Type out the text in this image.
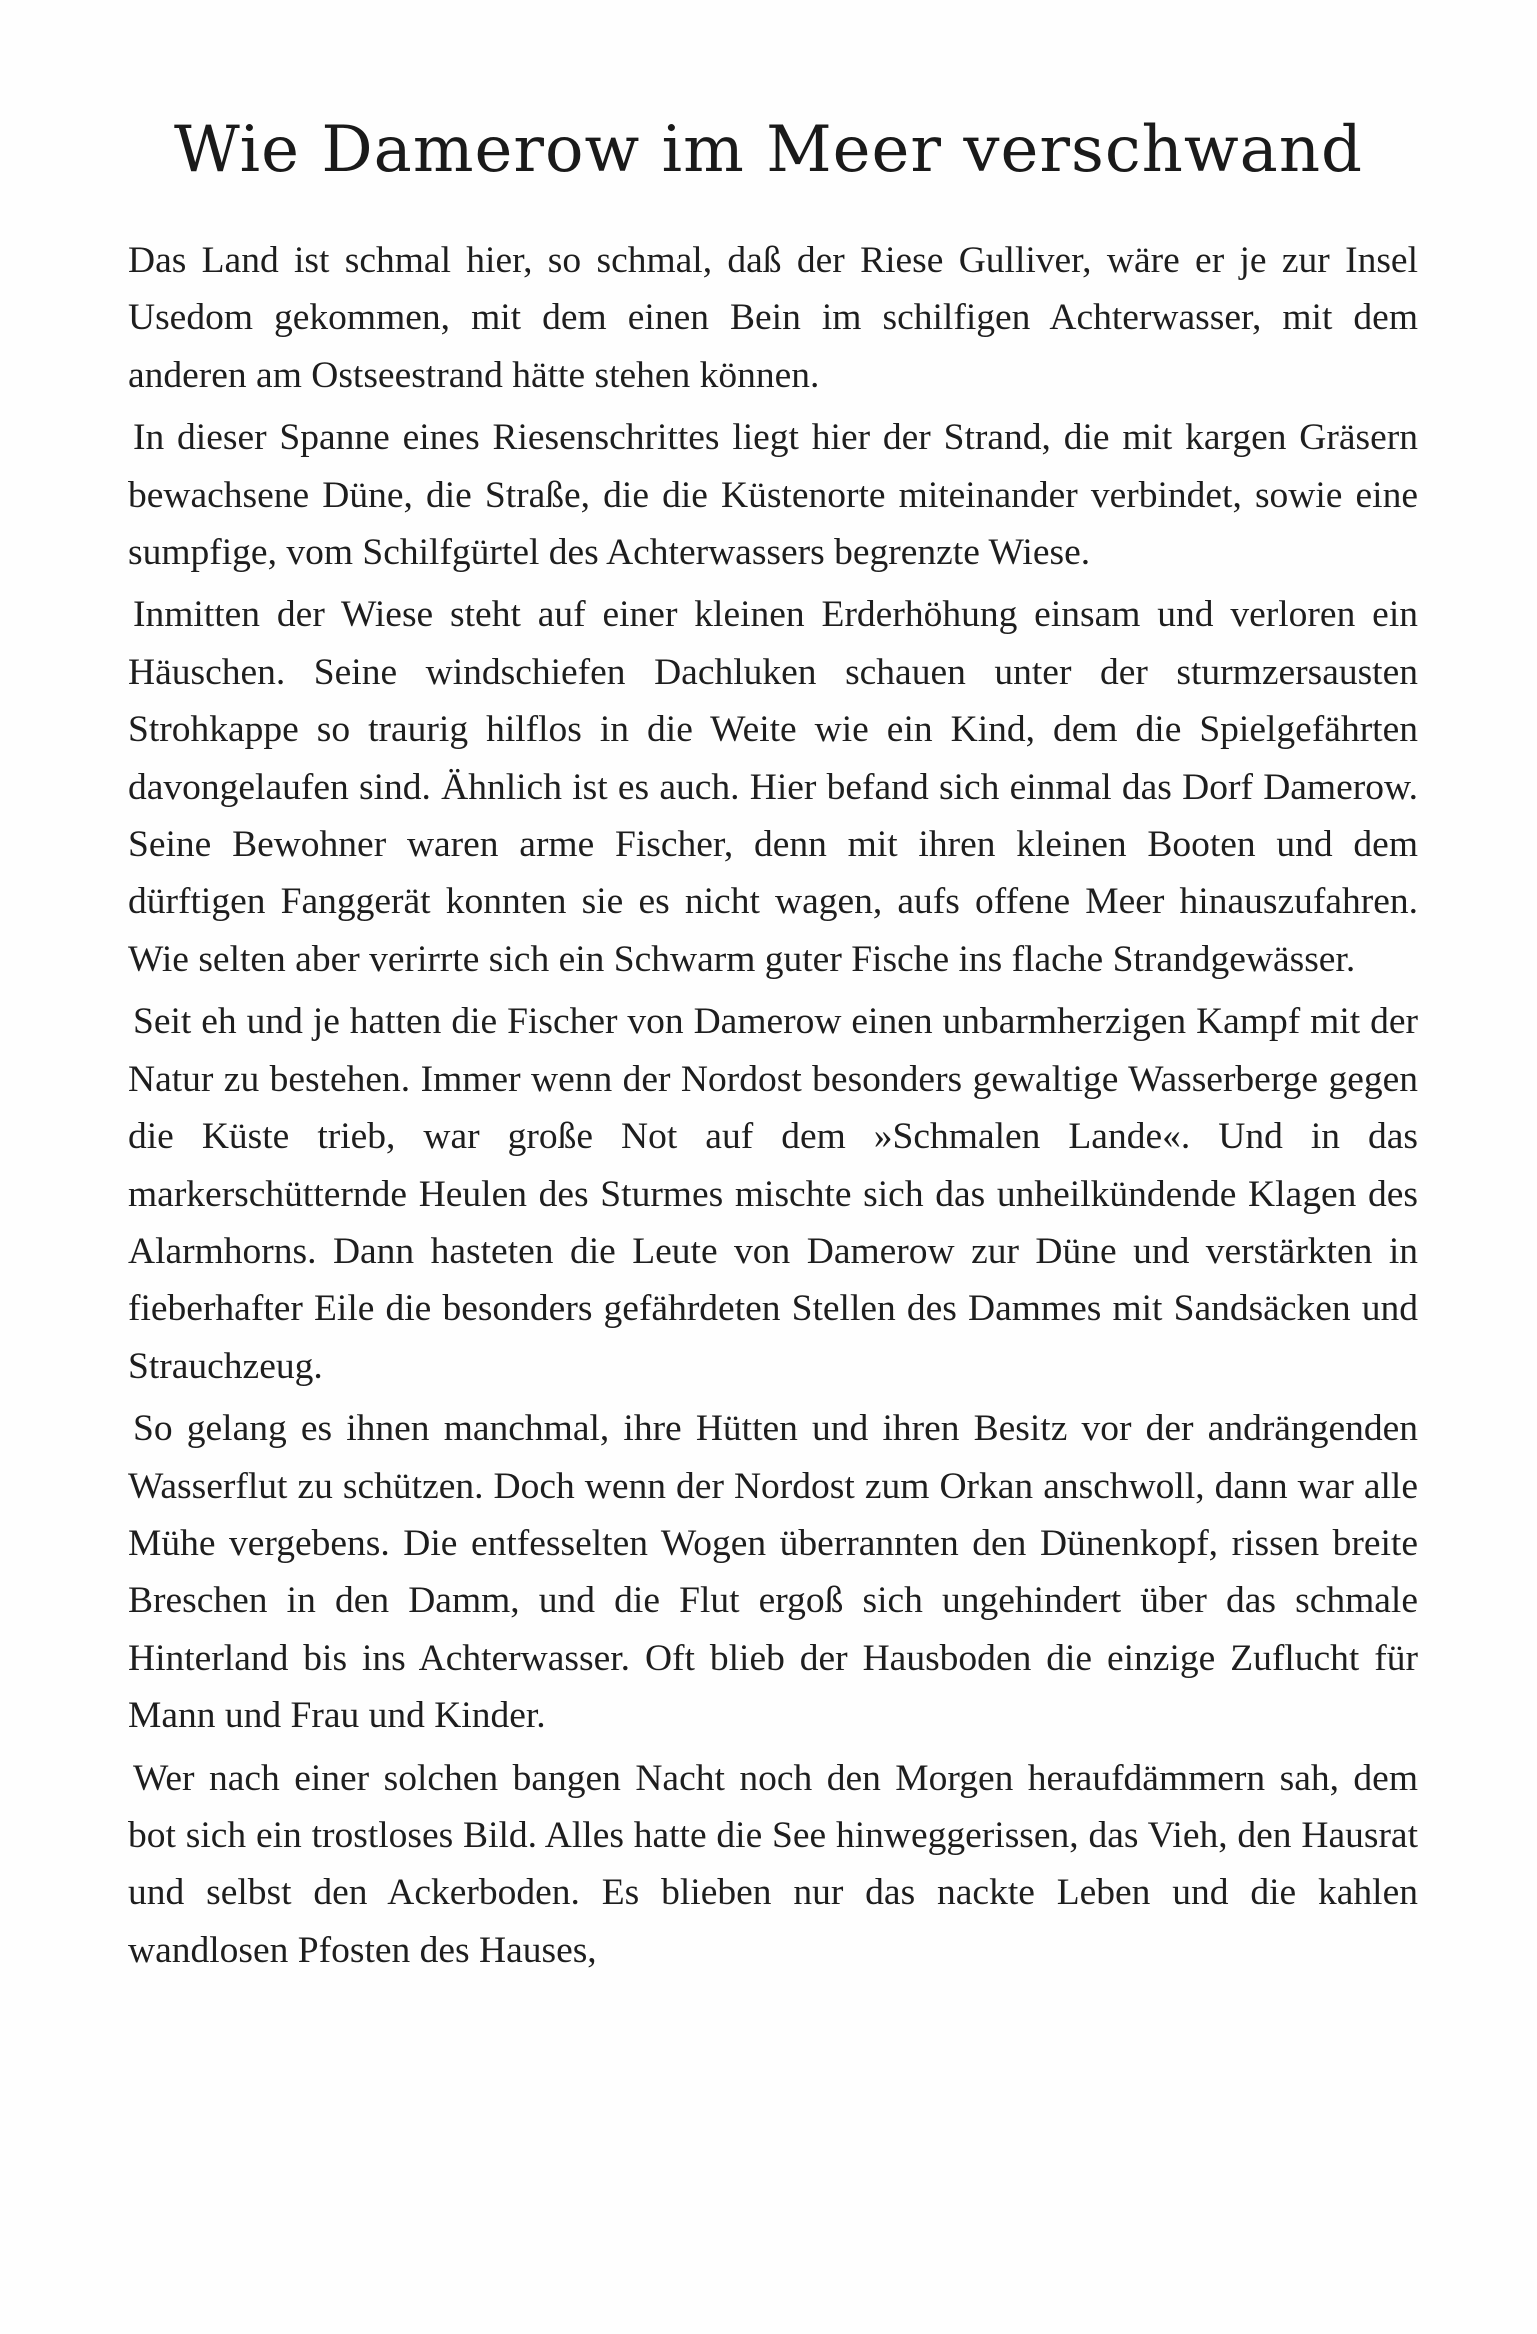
Wie Damerow im Meer verschwand

Das Land ist schmal hier, so schmal, daß der Riese Gulliver, wäre er je zur Insel Usedom gekommen, mit dem einen Bein im schilfigen Achterwasser, mit dem anderen am Ostseestrand hätte stehen können.

In dieser Spanne eines Riesenschrittes liegt hier der Strand, die mit kargen Gräsern bewachsene Düne, die Straße, die die Küstenorte miteinander verbindet, sowie eine sumpfige, vom Schilfgürtel des Achterwassers begrenzte Wiese.

Inmitten der Wiese steht auf einer kleinen Erderhöhung einsam und verloren ein Häuschen. Seine windschiefen Dachluken schauen unter der sturmzersausten Strohkappe so traurig hilflos in die Weite wie ein Kind, dem die Spielgefährten davongelaufen sind. Ähnlich ist es auch. Hier befand sich einmal das Dorf Damerow. Seine Bewohner waren arme Fischer, denn mit ihren kleinen Booten und dem dürftigen Fanggerät konnten sie es nicht wagen, aufs offene Meer hinauszufahren. Wie selten aber verirrte sich ein Schwarm guter Fische ins flache Strandgewässer.

Seit eh und je hatten die Fischer von Damerow einen unbarmherzigen Kampf mit der Natur zu bestehen. Immer wenn der Nordost besonders gewaltige Wasserberge gegen die Küste trieb, war große Not auf dem »Schmalen Lande«. Und in das markerschütternde Heulen des Sturmes mischte sich das unheilkündende Klagen des Alarmhorns. Dann hasteten die Leute von Damerow zur Düne und verstärkten in fieberhafter Eile die besonders gefährdeten Stellen des Dammes mit Sandsäcken und Strauchzeug.

So gelang es ihnen manchmal, ihre Hütten und ihren Besitz vor der andrängenden Wasserflut zu schützen. Doch wenn der Nordost zum Orkan anschwoll, dann war alle Mühe vergebens. Die entfesselten Wogen überrannten den Dünenkopf, rissen breite Breschen in den Damm, und die Flut ergoß sich ungehindert über das schmale Hinterland bis ins Achterwasser. Oft blieb der Hausboden die einzige Zuflucht für Mann und Frau und Kinder.

Wer nach einer solchen bangen Nacht noch den Morgen heraufdämmern sah, dem bot sich ein trostloses Bild. Alles hatte die See hinweggerissen, das Vieh, den Hausrat und selbst den Ackerboden. Es blieben nur das nackte Leben und die kahlen wandlosen Pfosten des Hauses,
